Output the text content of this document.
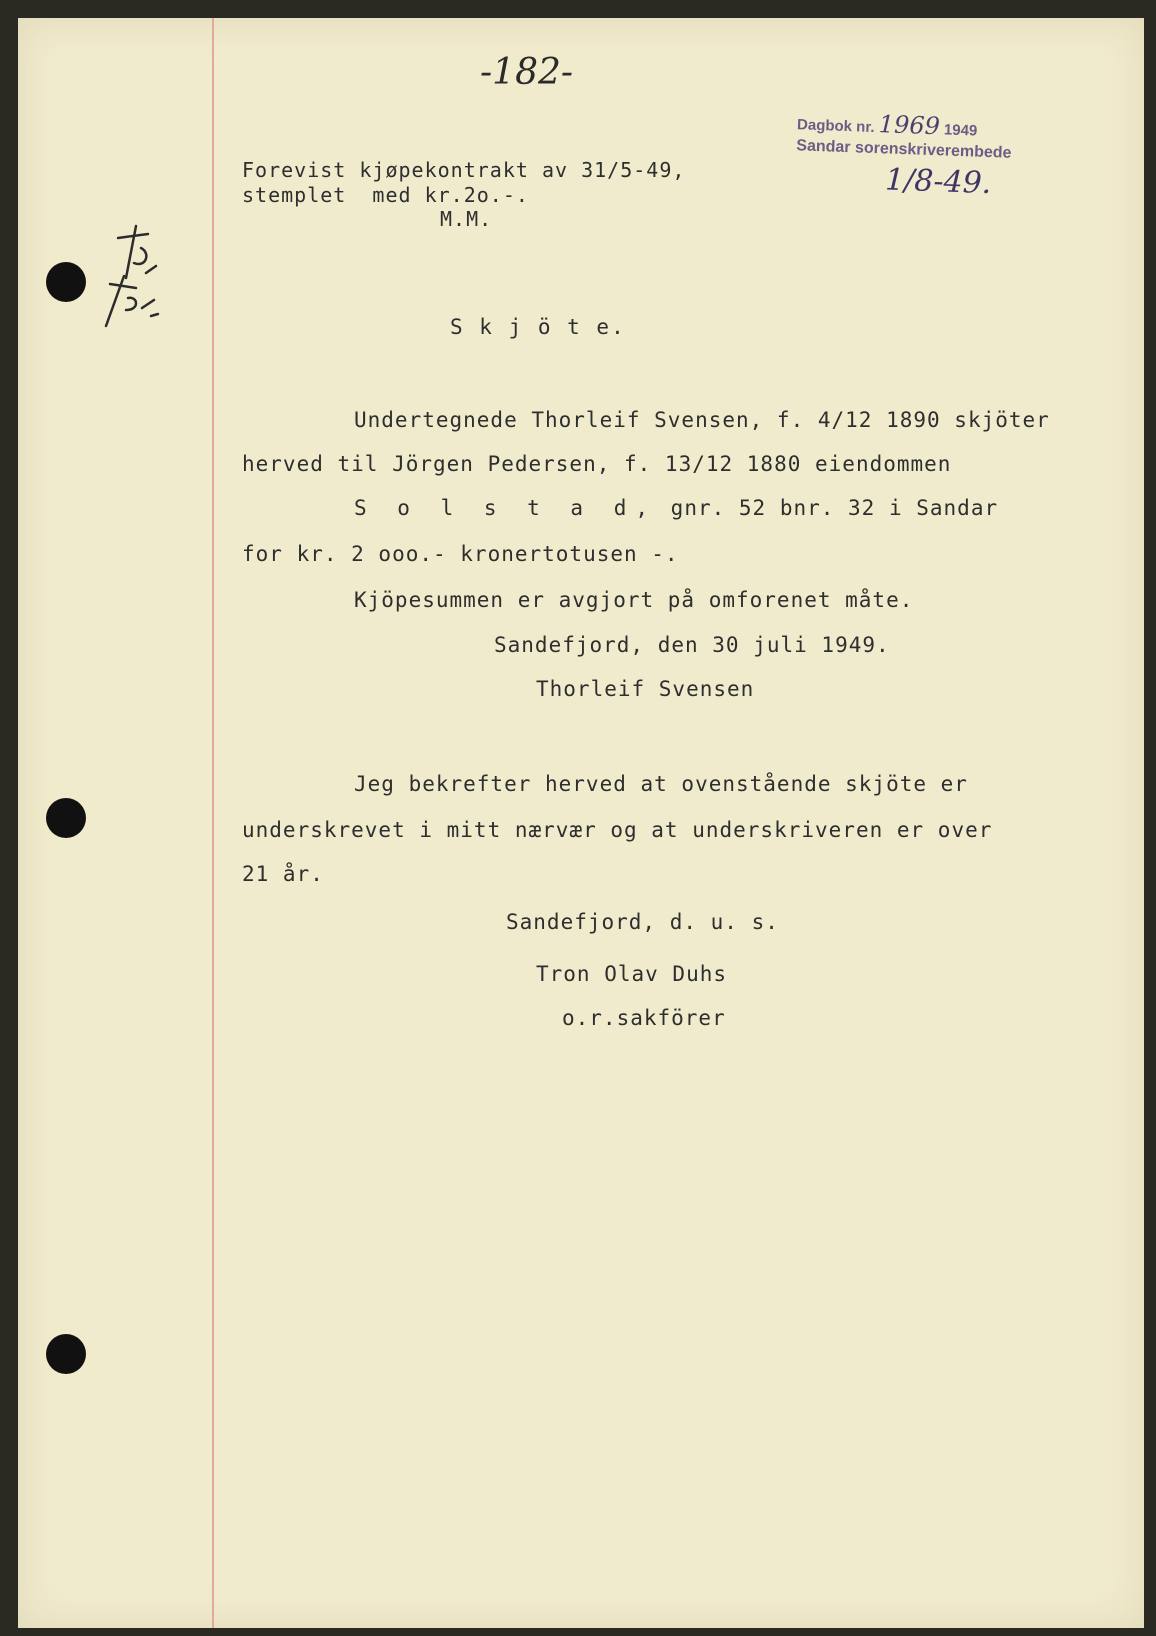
-182-
Dagbok nr. 1969 1949
Sandar sorenskriverembede
1/8-49.
Forevist kjøpekontrakt av 31/5-49,
stemplet  med kr.2o.-.
M.M.
S k j ö t e.
Undertegnede Thorleif Svensen, f. 4/12 1890 skjöter
herved til Jörgen Pedersen, f. 13/12 1880 eiendommen
S o l s t a d, gnr. 52 bnr. 32 i Sandar
for kr. 2 ooo.- kronertotusen -.
Kjöpesummen er avgjort på omforenet måte.
Sandefjord, den 30 juli 1949.
Thorleif Svensen
Jeg bekrefter herved at ovenstående skjöte er
underskrevet i mitt nærvær og at underskriveren er over
21 år.
Sandefjord, d. u. s.
Tron Olav Duhs
o.r.sakförer
